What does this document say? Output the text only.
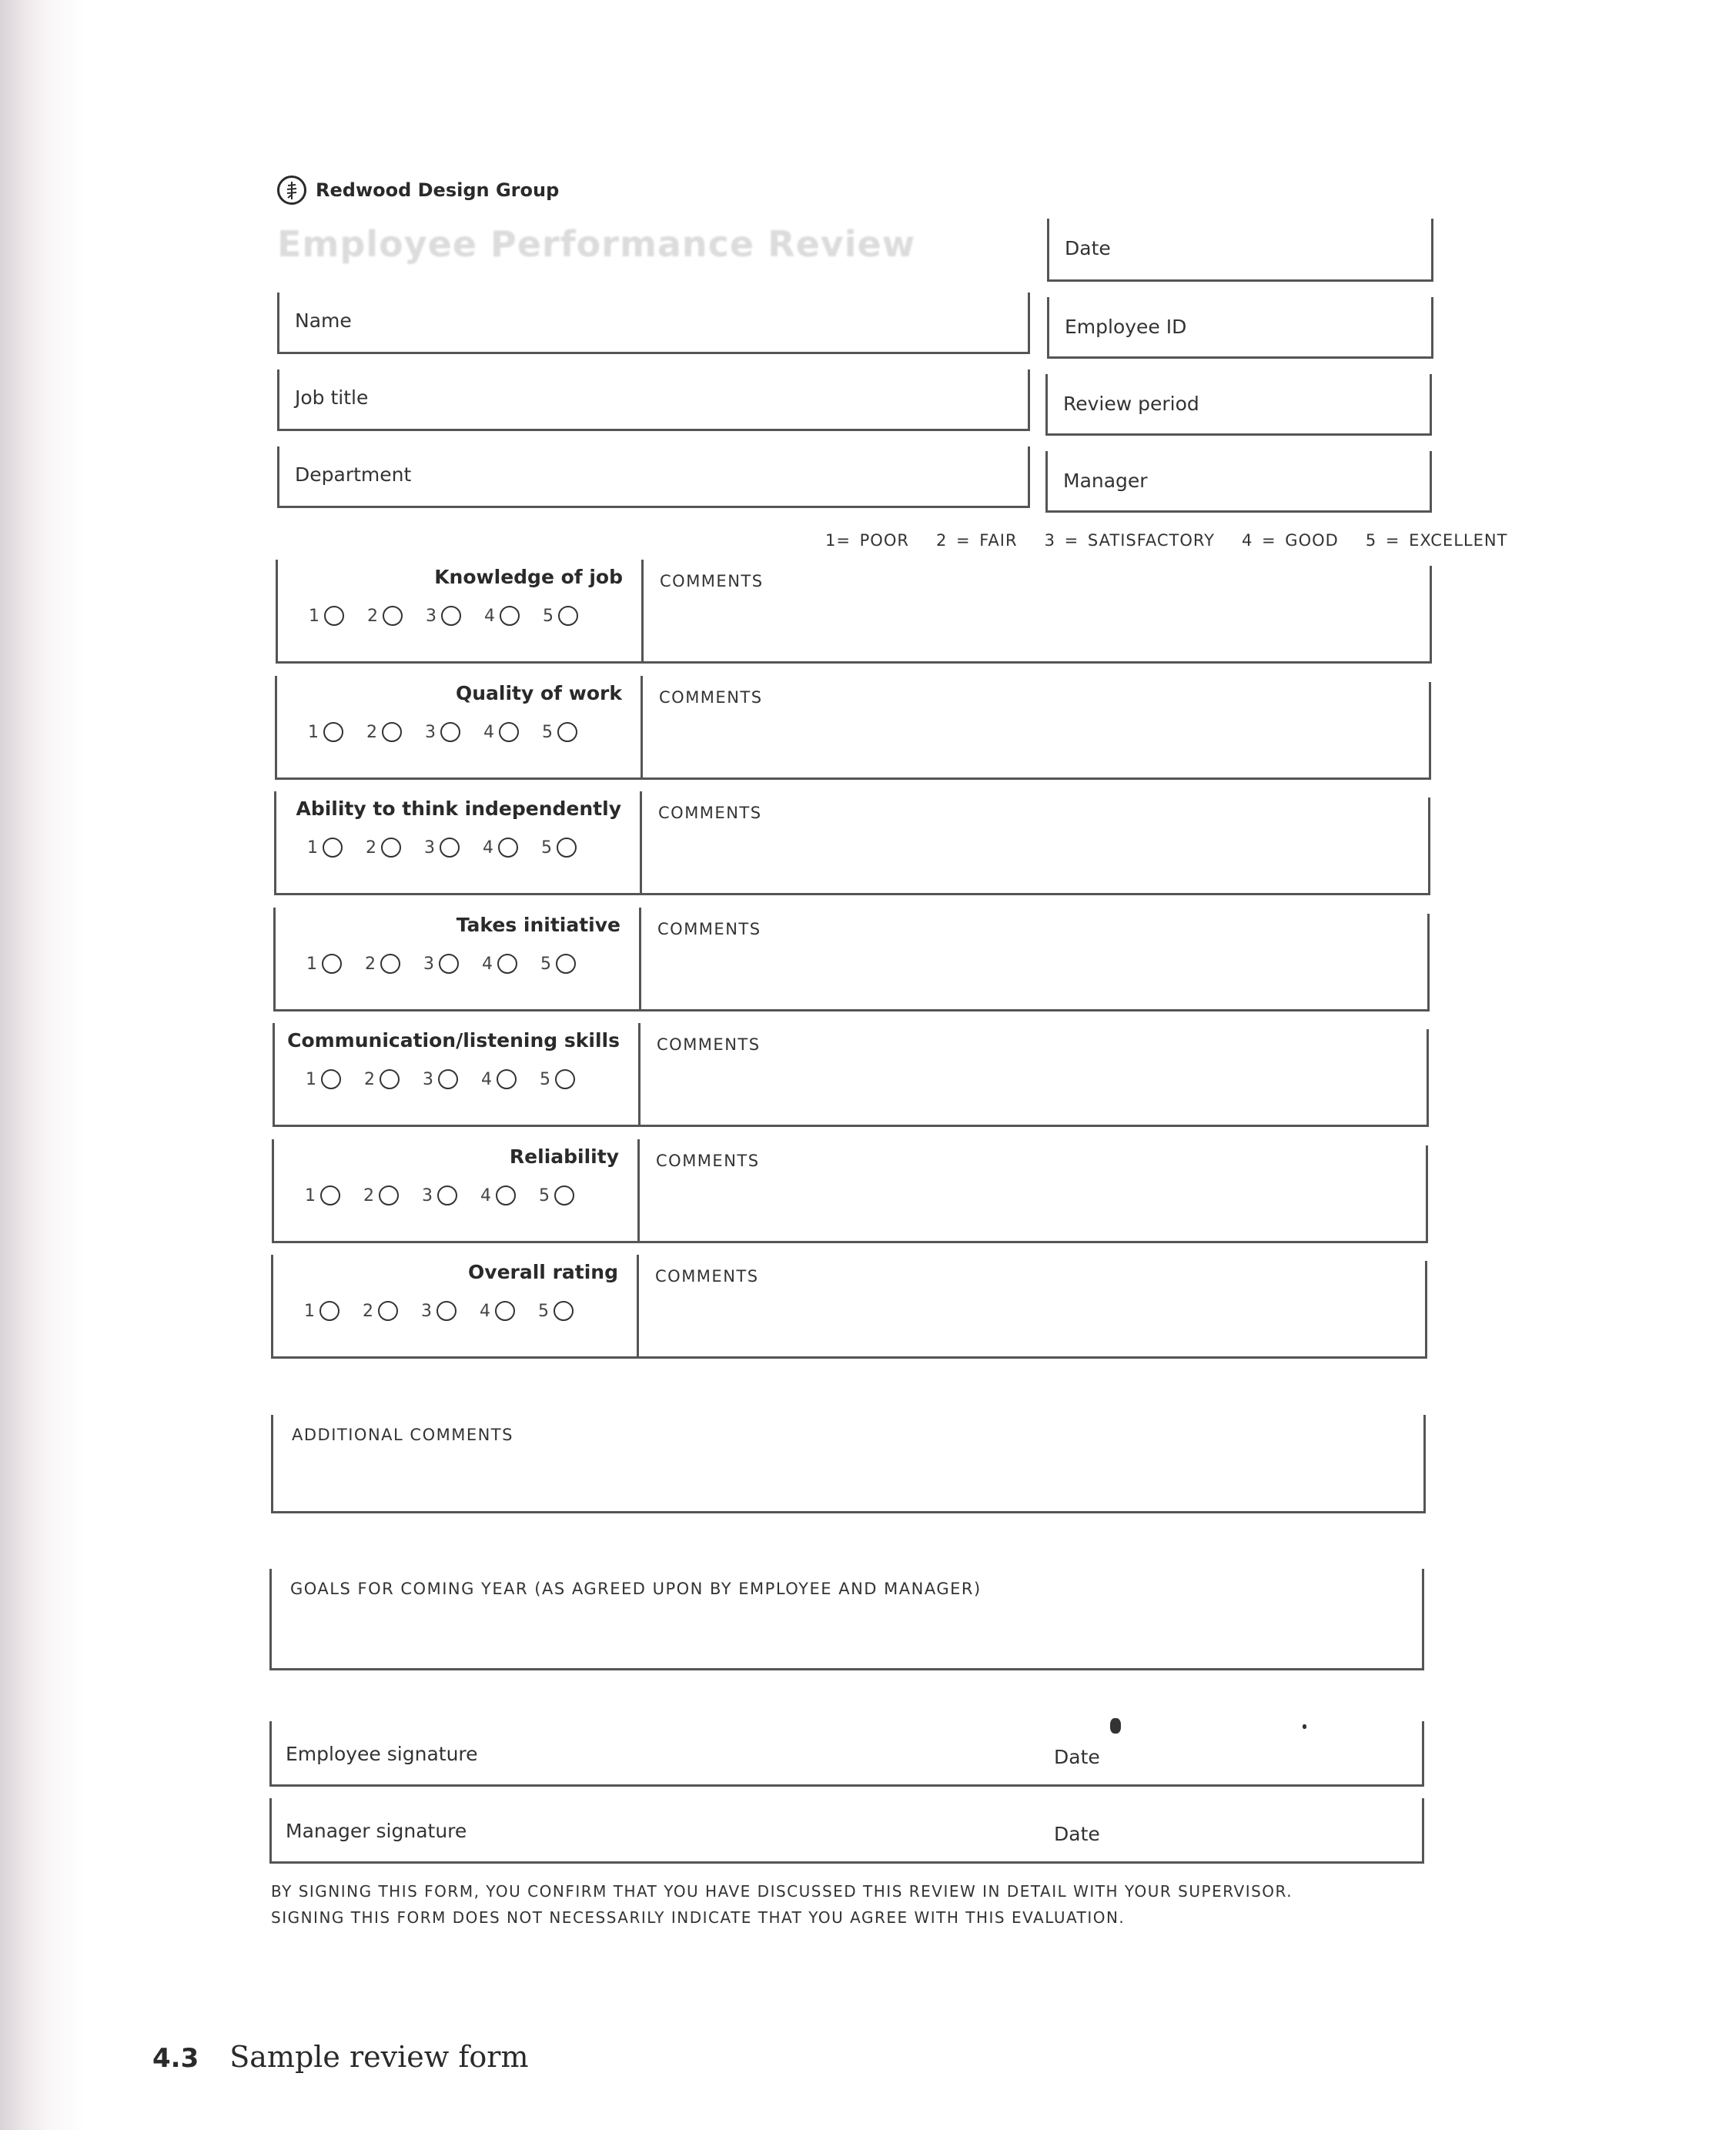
Redwood Design Group
Employee Performance Review
Name
Job title
Department
Date
Employee ID
Review period
Manager
1= POOR   2 = FAIR   3 = SATISFACTORY   4 = GOOD   5 = EXCELLENT
Knowledge of job
1	2	3	4	5
COMMENTS
Quality of work
1	2	3	4	5
COMMENTS
Ability to think independently
1	2	3	4	5
COMMENTS
Takes initiative
1	2	3	4	5
COMMENTS
Communication/listening skills
1	2	3	4	5
COMMENTS
Reliability
1	2	3	4	5
COMMENTS
Overall rating
1	2	3	4	5
COMMENTS
ADDITIONAL COMMENTS
GOALS FOR COMING YEAR (AS AGREED UPON BY EMPLOYEE AND MANAGER)
Employee signature	Date
Manager signature	Date
BY SIGNING THIS FORM, YOU CONFIRM THAT YOU HAVE DISCUSSED THIS REVIEW IN DETAIL WITH YOUR SUPERVISOR.
SIGNING THIS FORM DOES NOT NECESSARILY INDICATE THAT YOU AGREE WITH THIS EVALUATION.
4.3 Sample review form
